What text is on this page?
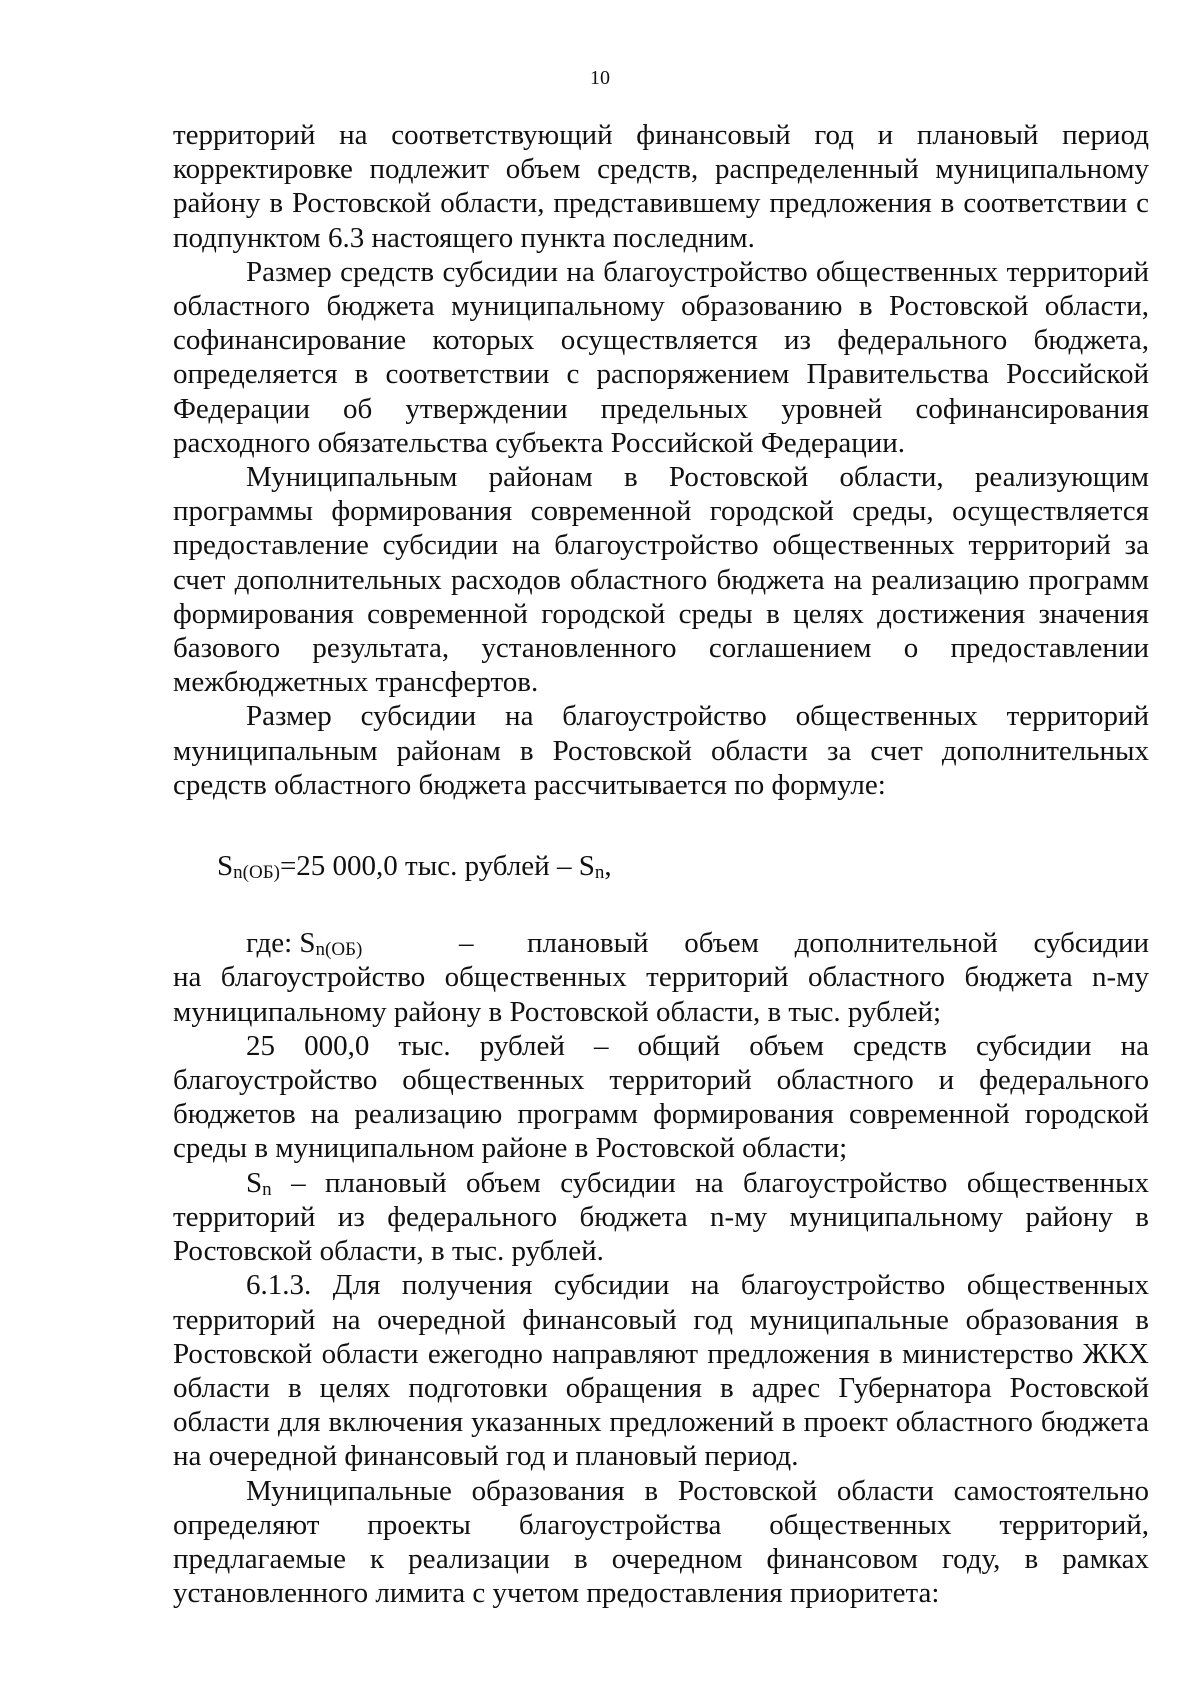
10

территорий на соответствующий финансовый год и плановый период корректировке подлежит объем средств, распределенный муниципальному району в Ростовской области, представившему предложения в соответствии с подпунктом 6.3 настоящего пункта последним.

Размер средств субсидии на благоустройство общественных территорий областного бюджета муниципальному образованию в Ростовской области, софинансирование которых осуществляется из федерального бюджета, определяется в соответствии с распоряжением Правительства Российской Федерации об утверждении предельных уровней софинансирования расходного обязательства субъекта Российской Федерации.

Муниципальным районам в Ростовской области, реализующим программы формирования современной городской среды, осуществляется предоставление субсидии на благоустройство общественных территорий за счет дополнительных расходов областного бюджета на реализацию программ формирования современной городской среды в целях достижения значения базового результата, установленного соглашением о предоставлении межбюджетных трансфертов.

Размер субсидии на благоустройство общественных территорий муниципальным районам в Ростовской области за счет дополнительных средств областного бюджета рассчитывается по формуле:

$S_{n(ОБ)}=25$ 000,0 тыс. рублей – $S_n$,

где: $S_{n(ОБ)}$	–	плановый объем дополнительной субсидии

на благоустройство общественных территорий областного бюджета n-му муниципальному району в Ростовской области, в тыс. рублей;

25 000,0 тыс. рублей – общий объем средств субсидии на благоустройство общественных территорий областного и федерального бюджетов на реализацию программ формирования современной городской среды в муниципальном районе в Ростовской области;

$S_n$ – плановый объем субсидии на благоустройство общественных территорий из федерального бюджета n-му муниципальному району в Ростовской области, в тыс. рублей.

6.1.3. Для получения субсидии на благоустройство общественных территорий на очередной финансовый год муниципальные образования в Ростовской области ежегодно направляют предложения в министерство ЖКХ области в целях подготовки обращения в адрес Губернатора Ростовской области для включения указанных предложений в проект областного бюджета на очередной финансовый год и плановый период.

Муниципальные образования в Ростовской области самостоятельно определяют проекты благоустройства общественных территорий, предлагаемые к реализации в очередном финансовом году, в рамках установленного лимита с учетом предоставления приоритета:
